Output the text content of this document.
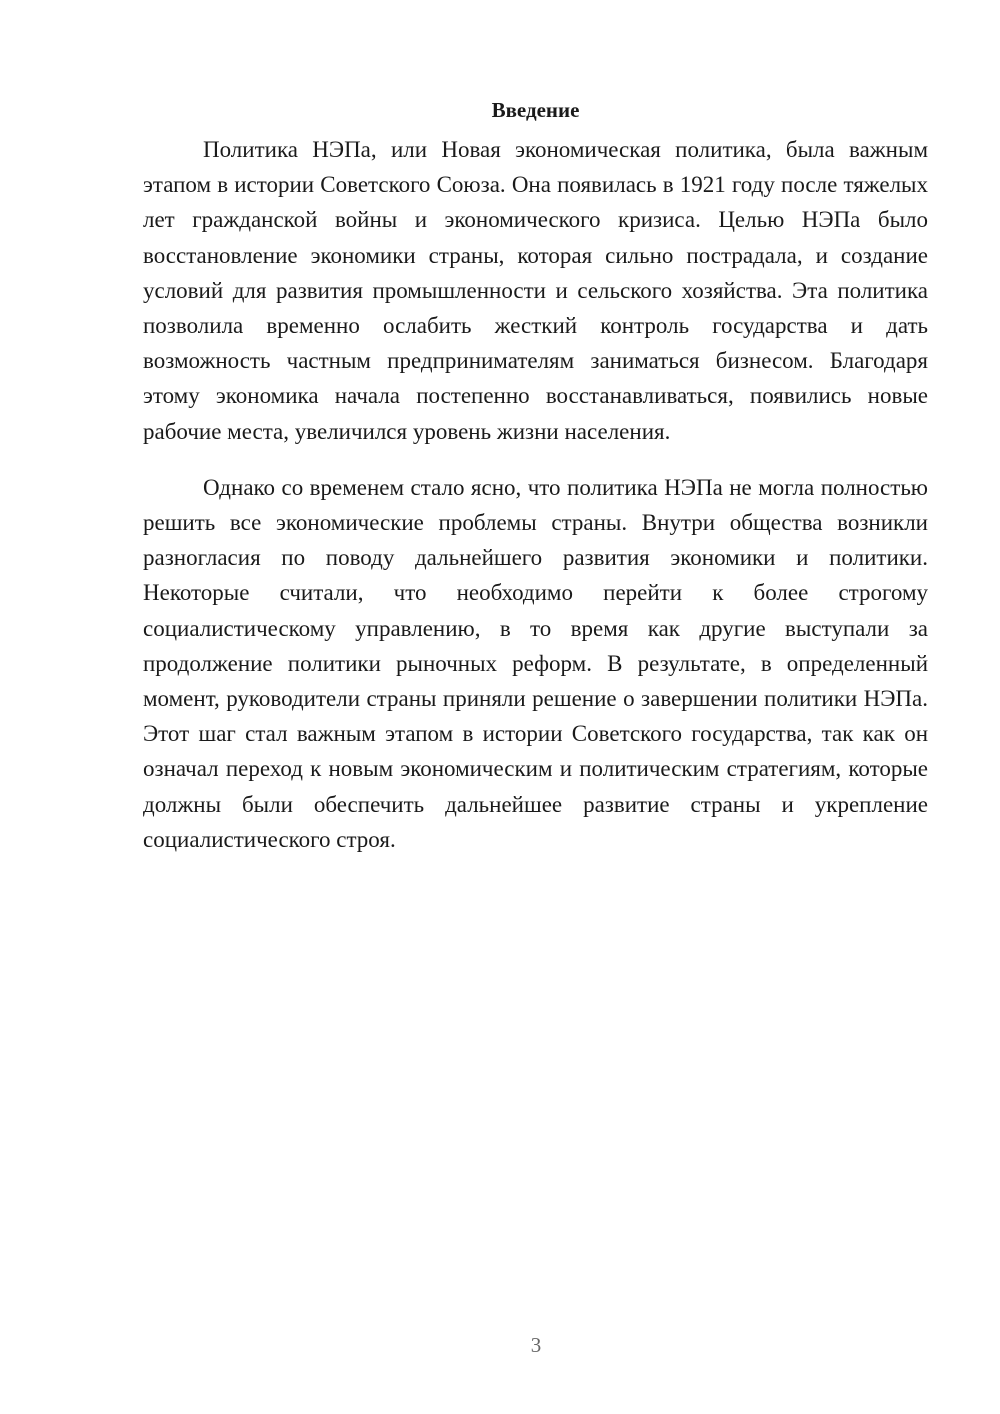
Введение

Политика НЭПа, или Новая экономическая политика, была важным этапом в истории Советского Союза. Она появилась в 1921 году после тяжелых лет гражданской войны и экономического кризиса. Целью НЭПа было восстановление экономики страны, которая сильно пострадала, и создание условий для развития промышленности и сельского хозяйства. Эта политика позволила временно ослабить жесткий контроль государства и дать возможность частным предпринимателям заниматься бизнесом. Благодаря этому экономика начала постепенно восстанавливаться, появились новые рабочие места, увеличился уровень жизни населения.

Однако со временем стало ясно, что политика НЭПа не могла полностью решить все экономические проблемы страны. Внутри общества возникли разногласия по поводу дальнейшего развития экономики и политики. Некоторые считали, что необходимо перейти к более строгому социалистическому управлению, в то время как другие выступали за продолжение политики рыночных реформ. В результате, в определенный момент, руководители страны приняли решение о завершении политики НЭПа. Этот шаг стал важным этапом в истории Советского государства, так как он означал переход к новым экономическим и политическим стратегиям, которые должны были обеспечить дальнейшее развитие страны и укрепление социалистического строя.

3
